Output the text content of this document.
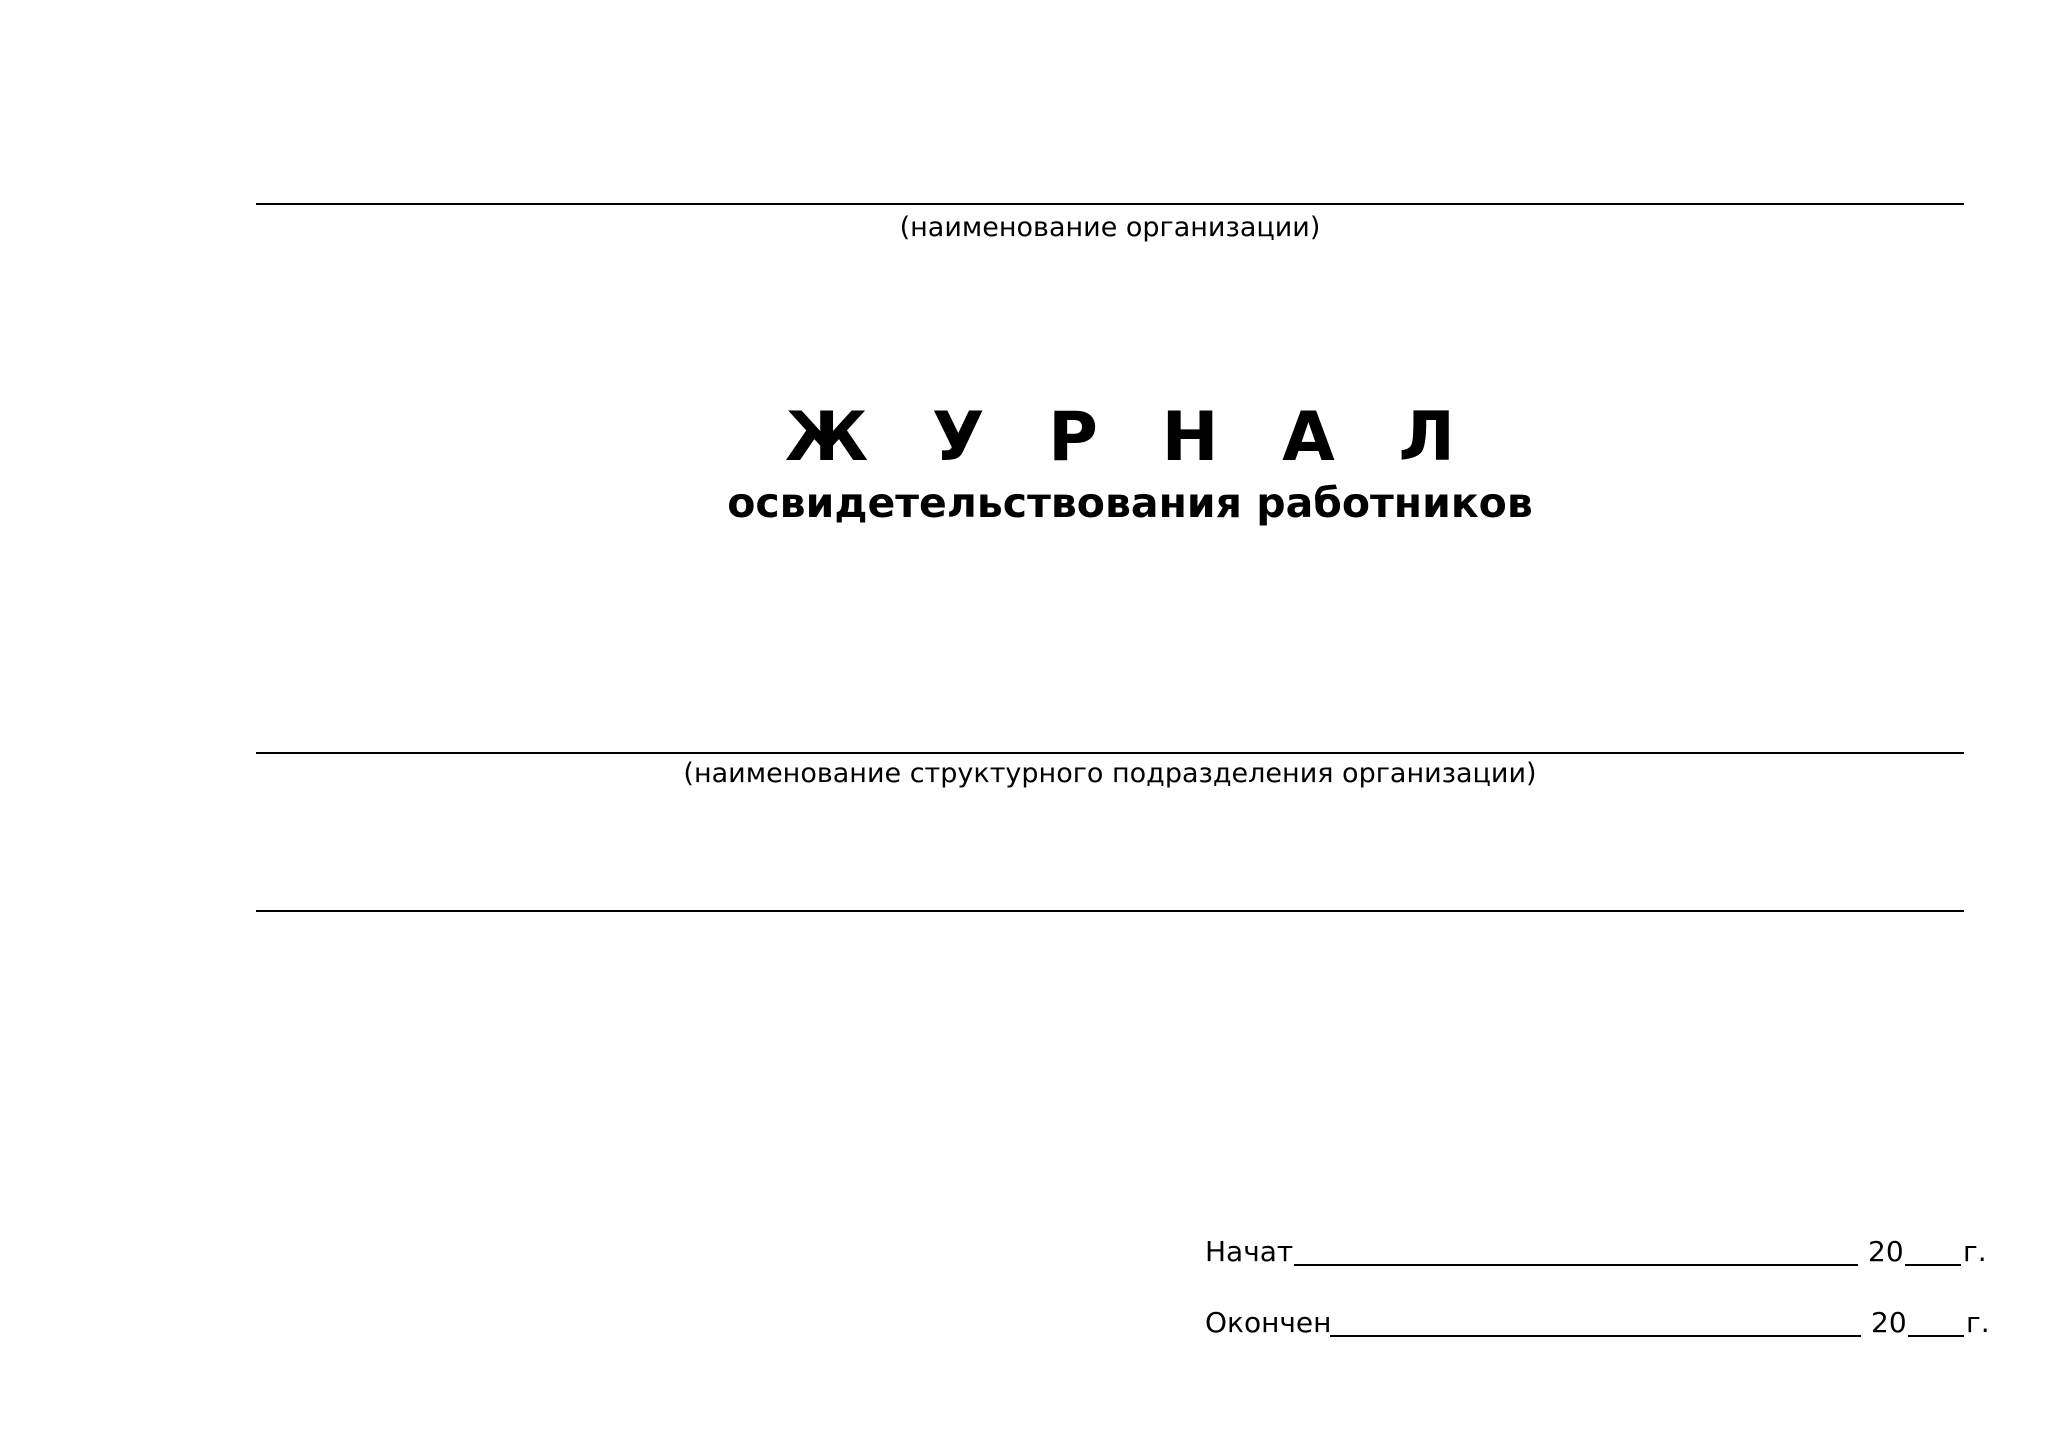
(наименование организации)
Ж У Р Н А Л
освидетельствования работников
(наименование структурного подразделения организации)
Начат	20 г.
Окончен	20 г.
